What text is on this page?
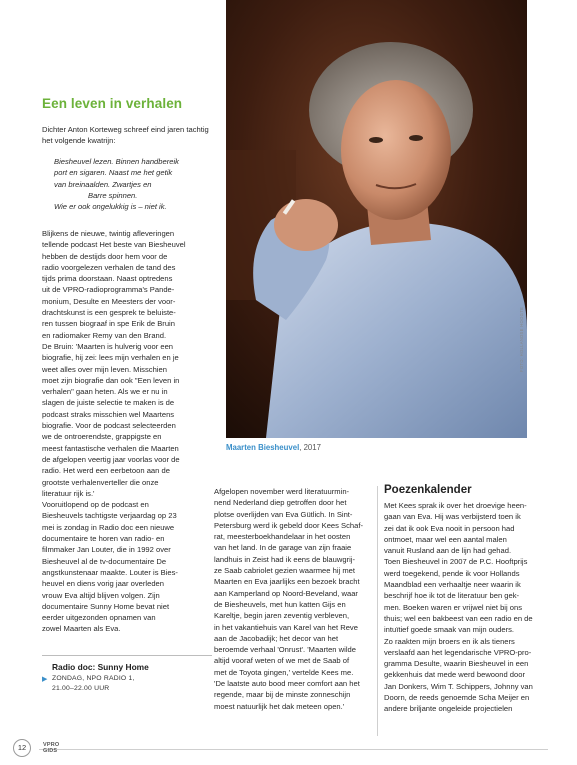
Een leven in verhalen

Dichter Anton Korteweg schreef eind jaren tachtig het volgende kwatrijn:

Biesheuvel lezen. Binnen handbereik

port en sigaren. Naast me het getik

van breinaalden. Zwartjes en

Barre spinnen.

Wie er ook ongelukkig is – niet ik.

Blijkens de nieuwe, twintig afleveringen

tellende podcast Het beste van Biesheuvel

hebben de destijds door hem voor de

radio voorgelezen verhalen de tand des

tijds prima doorstaan. Naast optredens

uit de VPRO-radioprogramma's Pande-

monium, Desulte en Meesters der voor-

drachtskunst is een gesprek te beluiste-

ren tussen biograaf in spe Erik de Bruin

en radiomaker Remy van den Brand.

De Bruin: 'Maarten is hulverig voor een

biografie, hij zei: lees mijn verhalen en je

weet alles over mijn leven. Misschien

moet zijn biografie dan ook "Een leven in

verhalen" gaan heten. Als we er nu in

slagen de juiste selectie te maken is de

podcast straks misschien wel Maartens

biografie. Voor de podcast selecteerden

we de ontroerendste, grappigste en

meest fantastische verhalen die Maarten

de afgelopen veertig jaar voorlas voor de

radio. Het werd een eerbetoon aan de

grootste verhalenverteller die onze

literatuur rijk is.'

Vooruitlopend op de podcast en

Biesheuvels tachtigste verjaardag op 23

mei is zondag in Radio doc een nieuwe

documentaire te horen van radio- en

filmmaker Jan Louter, die in 1992 over

Biesheuvel al de tv-documentaire De

angstkunstenaar maakte. Louter is Bies-

heuvel en diens vorig jaar overleden

vrouw Eva altijd blijven volgen. Zijn

documentaire Sunny Home bevat niet

eerder uitgezonden opnamen van

zowel Maarten als Eva.

FOTO: HOLLANDSE HOOGTE
Maarten Biesheuvel, 2017

Afgelopen november werd literatuurmin-

nend Nederland diep getroffen door het

plotse overlijden van Eva Gütlich. In Sint-

Petersburg werd ik gebeld door Kees Schaf-

rat, meesterboekhandelaar in het oosten

van het land. In de garage van zijn fraaie

landhuis in Zeist had ik eens de blauwgrij-

ze Saab cabriolet gezien waarmee hij met

Maarten en Eva jaarlijks een bezoek bracht

aan Kamperland op Noord-Beveland, waar

de Biesheuvels, met hun katten Gijs en

Kareltje, begin jaren zeventig verbleven,

in het vakantiehuis van Karel van het Reve

aan de Jacobadijk; het decor van het

beroemde verhaal 'Onrust'. 'Maarten wilde

altijd vooraf weten of we met de Saab of

met de Toyota gingen,' vertelde Kees me.

'De laatste auto bood meer comfort aan het

regende, maar bij de minste zonneschijn

moest natuurlijk het dak meteen open.'

Poezenkalender

Met Kees sprak ik over het droevige heen-

gaan van Eva. Hij was verbijsterd toen ik

zei dat ik ook Eva nooit in persoon had

ontmoet, maar wel een aantal malen

vanuit Rusland aan de lijn had gehad.

Toen Biesheuvel in 2007 de P.C. Hooftprijs

werd toegekend, pende ik voor Hollands

Maandblad een verhaaltje neer waarin ik

beschrijf hoe ik tot de literatuur ben gek-

men. Boeken waren er vrijwel niet bij ons

thuis; wel een bakbeest van een radio en de

intuïtief goede smaak van mijn ouders.

Zo raakten mijn broers en ik als tieners

verslaafd aan het legendarische VPRO-pro-

gramma Desulte, waarin Biesheuvel in een

gekkenhuis dat mede werd bewoond door

Jan Donkers, Wim T. Schippers, Johnny van

Doorn, de reeds genoemde Scha Meijer en

andere briljante ongeleide projectielen

Radio doc: Sunny Home
▶ ZONDAG, NPO RADIO 1,
21.00–22.00 UUR
12	VPRO
GIDS
